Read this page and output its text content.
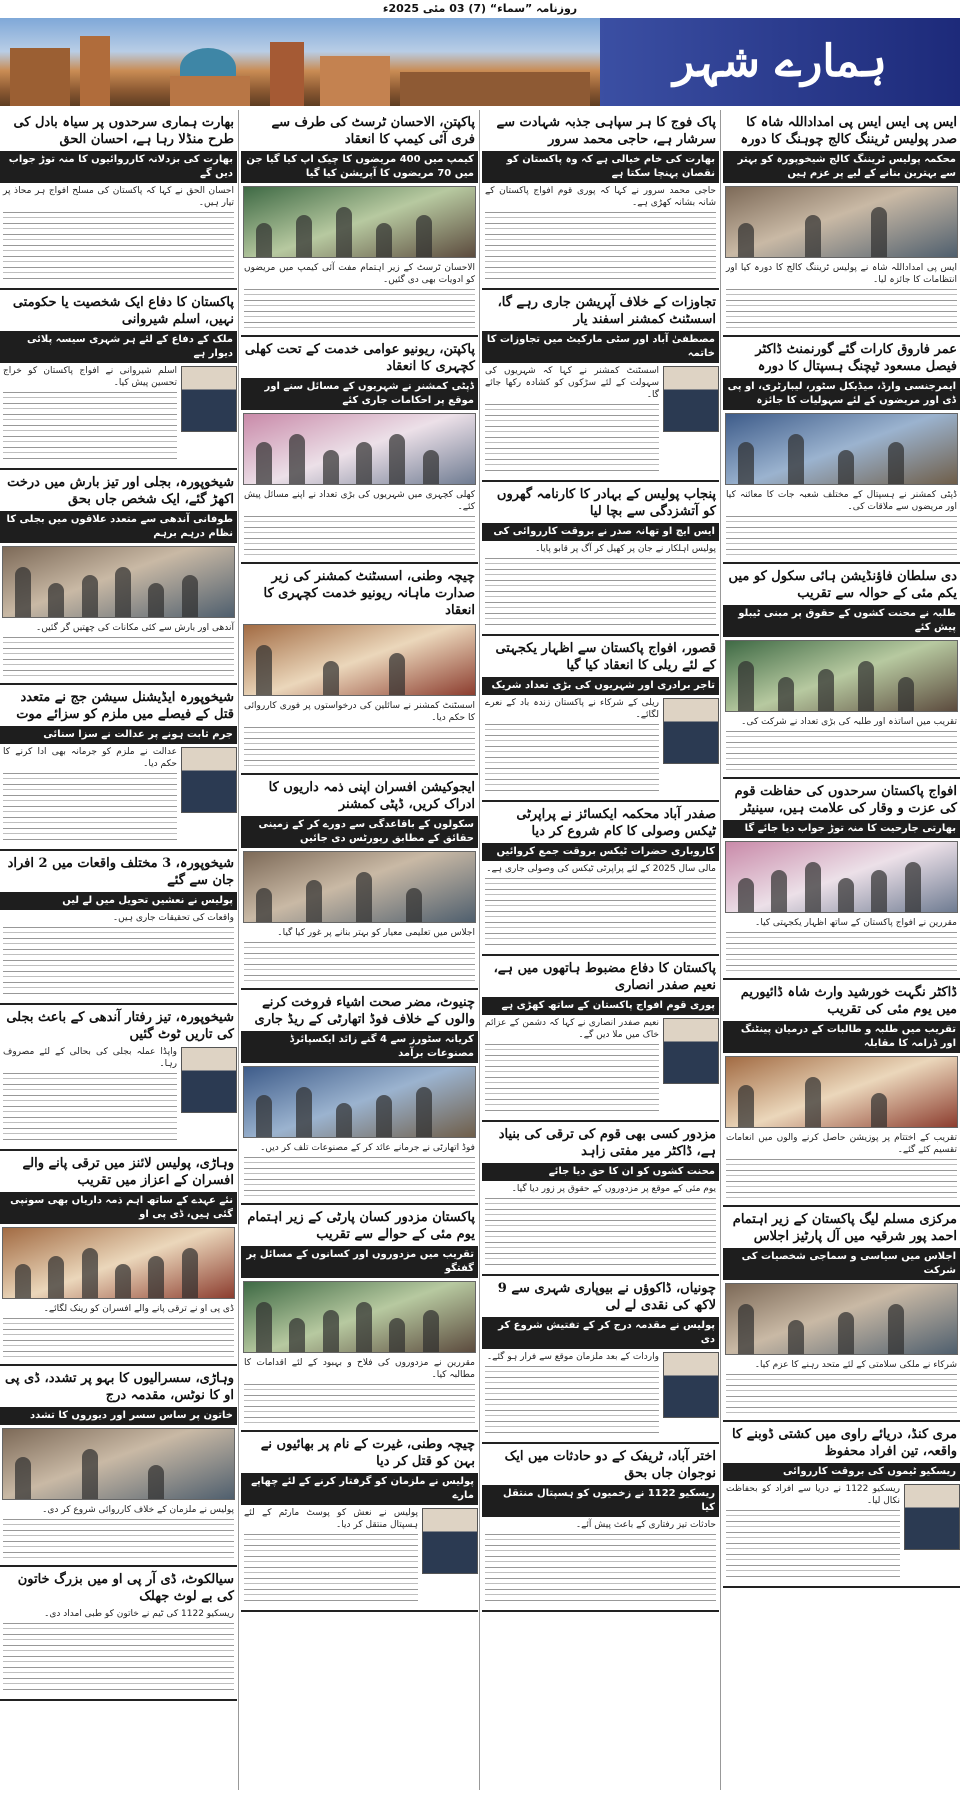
روزنامہ ”سماء“ (7) 03 مئی 2025ء
ہمارے شہر
ایس پی ایس ایس پی امداداللہ شاہ کا صدر پولیس ٹریننگ کالج چوہنگ کا دورہ
محکمہ پولیس ٹریننگ کالج شیخوپورہ کو بہتر سے بہترین بنانے کے لیے پر عزم ہیں
ایس پی امداداللہ شاہ نے پولیس ٹریننگ کالج کا دورہ کیا اور انتظامات کا جائزہ لیا۔
عمر فاروق کارات گئے گورنمنٹ ڈاکٹر فیصل مسعود ٹیچنگ ہسپتال کا دورہ
ایمرجنسی وارڈ، میڈیکل سٹور، لیبارٹری، او پی ڈی اور مریضوں کے لئے سہولیات کا جائزہ
ڈپٹی کمشنر نے ہسپتال کے مختلف شعبہ جات کا معائنہ کیا اور مریضوں سے ملاقات کی۔
دی سلطان فاؤنڈیشن ہائی سکول کو میں یکم مئی کے حوالہ سے تقریب
طلبہ نے محنت کشوں کے حقوق پر مبنی ٹیبلو پیش کئے
تقریب میں اساتذہ اور طلبہ کی بڑی تعداد نے شرکت کی۔
افواج پاکستان سرحدوں کی حفاظت قوم کی عزت و وقار کی علامت ہیں، سینیٹر
بھارتی جارحیت کا منہ توڑ جواب دیا جائے گا
مقررین نے افواج پاکستان کے ساتھ اظہار یکجہتی کیا۔
ڈاکٹر نگہت خورشید وارث شاہ ڈائیوریم میں یوم مئی کی تقریب
تقریب میں طلبہ و طالبات کے درمیان پینٹنگ اور ڈرامہ کا مقابلہ
تقریب کے اختتام پر پوزیشن حاصل کرنے والوں میں انعامات تقسیم کئے گئے۔
مرکزی مسلم لیگ پاکستان کے زیر اہتمام احمد پور شرقیہ میں آل پارٹیز اجلاس
اجلاس میں سیاسی و سماجی شخصیات کی شرکت
شرکاء نے ملکی سلامتی کے لئے متحد رہنے کا عزم کیا۔
مری کنڈ، دریائے راوی میں کشتی ڈوبنے کا واقعہ، تین افراد محفوظ
ریسکیو ٹیموں کی بروقت کارروائی
ریسکیو 1122 نے دریا سے افراد کو بحفاظت نکال لیا۔
پاک فوج کا ہر سپاہی جذبہ شہادت سے سرشار ہے، حاجی محمد سرور
بھارت کی خام خیالی ہے کہ وہ پاکستان کو نقصان پہنچا سکتا ہے
حاجی محمد سرور نے کہا کہ پوری قوم افواج پاکستان کے شانہ بشانہ کھڑی ہے۔
تجاوزات کے خلاف آپریشن جاری رہے گا، اسسٹنٹ کمشنر اسفند یار
مصطفیٰ آباد اور سٹی مارکیٹ میں تجاوزات کا خاتمہ
اسسٹنٹ کمشنر نے کہا کہ شہریوں کی سہولت کے لئے سڑکوں کو کشادہ رکھا جائے گا۔
پنجاب پولیس کے بہادر کا کارنامہ گھروں کو آتشزدگی سے بچا لیا
ایس ایچ او تھانہ صدر نے بروقت کارروائی کی
پولیس اہلکار نے جان پر کھیل کر آگ پر قابو پایا۔
قصور، افواج پاکستان سے اظہار یکجہتی کے لئے ریلی کا انعقاد کیا گیا
تاجر برادری اور شہریوں کی بڑی تعداد شریک
ریلی کے شرکاء نے پاکستان زندہ باد کے نعرے لگائے۔
صفدر آباد محکمہ ایکسائز نے پراپرٹی ٹیکس وصولی کا کام شروع کر دیا
کاروباری حضرات ٹیکس بروقت جمع کروائیں
مالی سال 2025 کے لئے پراپرٹی ٹیکس کی وصولی جاری ہے۔
پاکستان کا دفاع مضبوط ہاتھوں میں ہے، نعیم صفدر انصاری
پوری قوم افواج پاکستان کے ساتھ کھڑی ہے
نعیم صفدر انصاری نے کہا کہ دشمن کے عزائم خاک میں ملا دیں گے۔
مزدور کسی بھی قوم کی ترقی کی بنیاد ہے، ڈاکٹر میر مفتی زاہد
محنت کشوں کو ان کا حق دیا جائے
یوم مئی کے موقع پر مزدوروں کے حقوق پر زور دیا گیا۔
چونیاں، ڈاکوؤں نے بیوپاری شہری سے 9 لاکھ کی نقدی لے لی
پولیس نے مقدمہ درج کر کے تفتیش شروع کر دی
واردات کے بعد ملزمان موقع سے فرار ہو گئے۔
اختر آباد، ٹریفک کے دو حادثات میں ایک نوجوان جاں بحق
ریسکیو 1122 نے زخمیوں کو ہسپتال منتقل کیا
حادثات تیز رفتاری کے باعث پیش آئے۔
پاکپتن، الاحسان ٹرسٹ کی طرف سے فری آئی کیمپ کا انعقاد
کیمپ میں 400 مریضوں کا چیک اپ کیا گیا جن میں 70 مریضوں کا آپریشن کیا گیا
الاحسان ٹرسٹ کے زیر اہتمام مفت آئی کیمپ میں مریضوں کو ادویات بھی دی گئیں۔
پاکپتن، ریونیو عوامی خدمت کے تحت کھلی کچہری کا انعقاد
ڈپٹی کمشنر نے شہریوں کے مسائل سنے اور موقع پر احکامات جاری کئے
کھلی کچہری میں شہریوں کی بڑی تعداد نے اپنے مسائل پیش کئے۔
چیچہ وطنی، اسسٹنٹ کمشنر کی زیر صدارت ماہانہ ریونیو خدمت کچہری کا انعقاد
اسسٹنٹ کمشنر نے سائلین کی درخواستوں پر فوری کارروائی کا حکم دیا۔
ایجوکیشن افسران اپنی ذمہ داریوں کا ادراک کریں، ڈپٹی کمشنر
سکولوں کے باقاعدگی سے دورے کر کے زمینی حقائق کے مطابق رپورٹس دی جائیں
اجلاس میں تعلیمی معیار کو بہتر بنانے پر غور کیا گیا۔
چنیوٹ، مضر صحت اشیاء فروخت کرنے والوں کے خلاف فوڈ اتھارٹی کے ریڈ جاری
کریانہ سٹورز سے 4 گنے زائد ایکسپائرڈ مصنوعات برآمد
فوڈ اتھارٹی نے جرمانے عائد کر کے مصنوعات تلف کر دیں۔
پاکستان مزدور کسان پارٹی کے زیر اہتمام یوم مئی کے حوالے سے تقریب
تقریب میں مزدوروں اور کسانوں کے مسائل پر گفتگو
مقررین نے مزدوروں کی فلاح و بہبود کے لئے اقدامات کا مطالبہ کیا۔
چیچہ وطنی، غیرت کے نام پر بھائیوں نے بہن کو قتل کر دیا
پولیس نے ملزمان کو گرفتار کرنے کے لئے چھاپے مارے
پولیس نے نعش کو پوسٹ مارٹم کے لئے ہسپتال منتقل کر دیا۔
بھارت ہماری سرحدوں پر سیاہ بادل کی طرح منڈلا رہا ہے، احسان الحق
بھارت کی بزدلانہ کارروائیوں کا منہ توڑ جواب دیں گے
احسان الحق نے کہا کہ پاکستان کی مسلح افواج ہر محاذ پر تیار ہیں۔
پاکستان کا دفاع ایک شخصیت یا حکومتی نہیں، اسلم شیروانی
ملک کے دفاع کے لئے ہر شہری سیسہ پلائی دیوار ہے
اسلم شیروانی نے افواج پاکستان کو خراج تحسین پیش کیا۔
شیخوپورہ، بجلی اور تیز بارش میں درخت اکھڑ گئے، ایک شخص جاں بحق
طوفانی آندھی سے متعدد علاقوں میں بجلی کا نظام درہم برہم
آندھی اور بارش سے کئی مکانات کی چھتیں گر گئیں۔
شیخوپورہ ایڈیشنل سیشن جج نے متعدد قتل کے فیصلے میں ملزم کو سزائے موت
جرم ثابت ہونے پر عدالت نے سزا سنائی
عدالت نے ملزم کو جرمانہ بھی ادا کرنے کا حکم دیا۔
شیخوپورہ، 3 مختلف واقعات میں 2 افراد جان سے گئے
پولیس نے نعشیں تحویل میں لے لیں
واقعات کی تحقیقات جاری ہیں۔
شیخوپورہ، تیز رفتار آندھی کے باعث بجلی کی تاریں ٹوٹ گئیں
واپڈا عملہ بجلی کی بحالی کے لئے مصروف رہا۔
وہاڑی، پولیس لائنز میں ترقی پانے والے افسران کے اعزاز میں تقریب
نئے عہدے کے ساتھ اہم ذمہ داریاں بھی سونپی گئی ہیں، ڈی پی او
ڈی پی او نے ترقی پانے والے افسران کو رینک لگائے۔
وہاڑی، سسرالیوں کا بہو پر تشدد، ڈی پی او کا نوٹس، مقدمہ درج
خاتون پر ساس سسر اور دیوروں کا تشدد
پولیس نے ملزمان کے خلاف کارروائی شروع کر دی۔
سیالکوٹ، ڈی آر پی او میں بزرگ خاتون کی بے لوث جھلک
ریسکیو 1122 کی ٹیم نے خاتون کو طبی امداد دی۔
